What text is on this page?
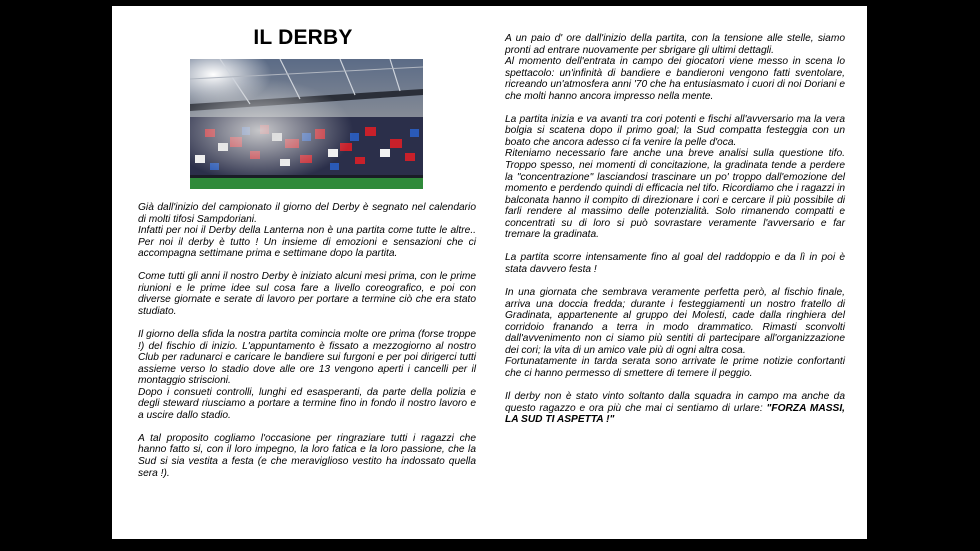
IL DERBY

Già dall'inizio del campionato il giorno del Derby è segnato nel calendario di molti tifosi Sampdoriani.
Infatti per noi il Derby della Lanterna non è una partita come tutte le altre.. Per noi il derby è tutto ! Un insieme di emozioni e sensazioni che ci accompagna settimane prima e settimane dopo la partita.

Come tutti gli anni il nostro Derby è iniziato alcuni mesi prima, con le prime riunioni e le prime idee sul cosa fare a livello coreografico, e poi con diverse giornate e serate di lavoro per portare a termine ciò che era stato studiato.

Il giorno della sfida la nostra partita comincia molte ore prima (forse troppe !) del fischio di inizio. L'appuntamento è fissato a mezzogiorno al nostro Club per radunarci e caricare le bandiere sui furgoni e per poi dirigerci tutti assieme verso lo stadio dove alle ore 13 vengono aperti i cancelli per il montaggio striscioni.
Dopo i consueti controlli, lunghi ed esasperanti, da parte della polizia e degli steward riusciamo a portare a termine fino in fondo il nostro lavoro e a uscire dallo stadio.

A tal proposito cogliamo l'occasione per ringraziare tutti i ragazzi che hanno fatto si, con il loro impegno, la loro fatica e la loro passione, che la Sud si sia vestita a festa (e che meraviglioso vestito ha indossato quella sera !).

A un paio d' ore dall'inizio della partita, con la tensione alle stelle, siamo pronti ad entrare nuovamente per sbrigare gli ultimi dettagli.
Al momento dell'entrata in campo dei giocatori viene messo in scena lo spettacolo: un'infinità di bandiere e bandieroni vengono fatti sventolare, ricreando un'atmosfera anni '70 che ha entusiasmato i cuori di noi Doriani e che molti hanno ancora impresso nella mente.

La partita inizia e va avanti tra cori potenti e fischi all'avversario ma la vera bolgia si scatena dopo il primo goal; la Sud compatta festeggia con un boato che ancora adesso ci fa venire la pelle d'oca.
Riteniamo necessario fare anche una breve analisi sulla questione tifo. Troppo spesso, nei momenti di concitazione, la gradinata tende a perdere la "concentrazione" lasciandosi trascinare un po' troppo dall'emozione del momento e perdendo quindi di efficacia nel tifo. Ricordiamo che i ragazzi in balconata hanno il compito di direzionare i cori e cercare il più possibile di farli rendere al massimo delle potenzialità. Solo rimanendo compatti e concentrati su di loro si può sovrastare veramente l'avversario e far tremare la gradinata.

La partita scorre intensamente fino al goal del raddoppio e da lì in poi è stata davvero festa !

In una giornata che sembrava veramente perfetta però, al fischio finale, arriva una doccia fredda; durante i festeggiamenti un nostro fratello di Gradinata, appartenente al gruppo dei Molesti, cade dalla ringhiera del corridoio franando a terra in modo drammatico. Rimasti sconvolti dall'avvenimento non ci siamo più sentiti di partecipare all'organizzazione dei cori; la vita di un amico vale più di ogni altra cosa.
Fortunatamente in tarda serata sono arrivate le prime notizie confortanti che ci hanno permesso di smettere di temere il peggio.

Il derby non è stato vinto soltanto dalla squadra in campo ma anche da questo ragazzo e ora più che mai ci sentiamo di urlare: "FORZA MASSI, LA SUD TI ASPETTA !"
